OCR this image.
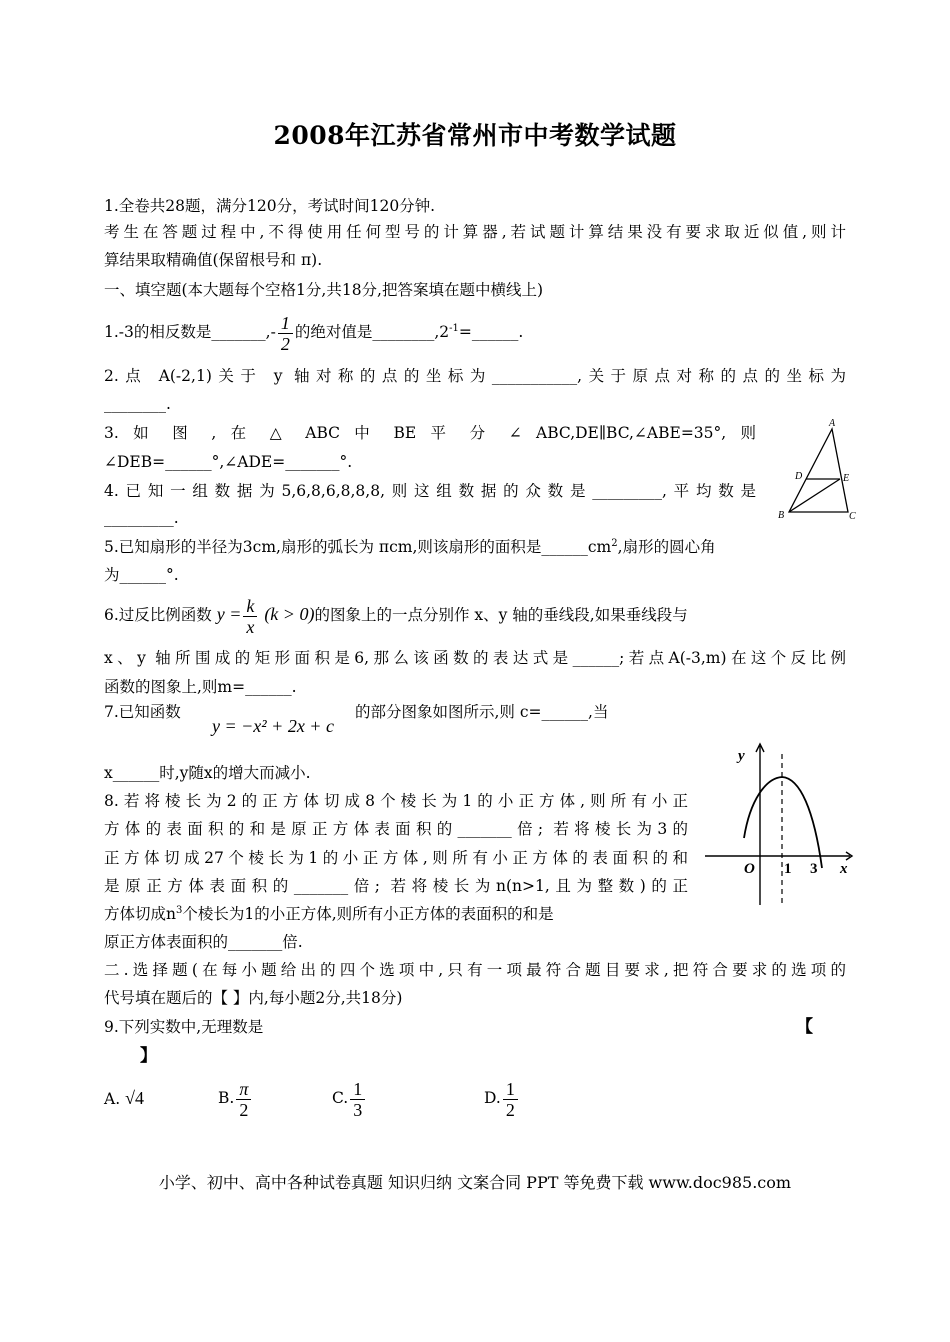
2008年江苏省常州市中考数学试题
1.全卷共28题，满分120分，考试时间120分钟.
考生在答题过程中,不得使用任何型号的计算器,若试题计算结果没有要求取近似值,则计
算结果取精确值(保留根号和 π).
一、填空题(本大题每个空格1分,共18分,把答案填在题中横线上)
1.-3的相反数是_______,- $\frac{1}{2}$ 的绝对值是$\_\_\_\_\_\_\_\_,2^{-1}=\_\_\_\_\_\_$.
2.点 A(-2,1)关于 y 轴对称的点的坐标为___________,关于原点对称的点的坐标为
________.
3. 如 图 , 在 △ ABC 中 BE 平 分 ∠ ABC,DE∥BC,∠ABE=35°, 则
∠DEB=______°,∠ADE=_______°.
4.已知一组数据为5,6,8,6,8,8,8,则这组数据的众数是_________,平均数是
_________.
A
B	C
D	E
5.已知扇形的半径为3cm,扇形的弧长为 πcm,则该扇形的面积是$\_\_\_\_\_\_cm^2$,扇形的圆心角
为______°.
6.过反比例函数 $y = \frac{k}{x} (k > 0)$的图象上的一点分别作 x、y 轴的垂线段,如果垂线段与
x、y 轴所围成的矩形面积是6,那么该函数的表达式是______;若点A(-3,m)在这个反比例
函数的图象上,则m=______.
7.已知函数
y = −x² + 2x + c
的部分图象如图所示,则 c=______,当
x______时,y随x的增大而减小.
y
x
O 1 3
8.若将棱长为2的正方体切成8个棱长为1的小正方体,则所有小正
方体的表面积的和是原正方体表面积的_______倍; 若将棱长为3的
正方体切成27个棱长为1的小正方体,则所有小正方体的表面积的和
是原正方体表面积的_______倍; 若将棱长为n(n>1,且为整数)的正
方体切成$n^3$个棱长为1的小正方体,则所有小正方体的表面积的和是
原正方体表面积的_______倍.
二.选择题(在每小题给出的四个选项中,只有一项最符合题目要求,把符合要求的选项的
代号填在题后的【 】内,每小题2分,共18分)
9.下列实数中,无理数是	【
】
A. √4	B. $\frac{\pi}{2}$	C. $\frac{1}{3}$	D. $\frac{1}{2}$
小学、初中、高中各种试卷真题 知识归纳 文案合同 PPT 等免费下载 www.doc985.com
